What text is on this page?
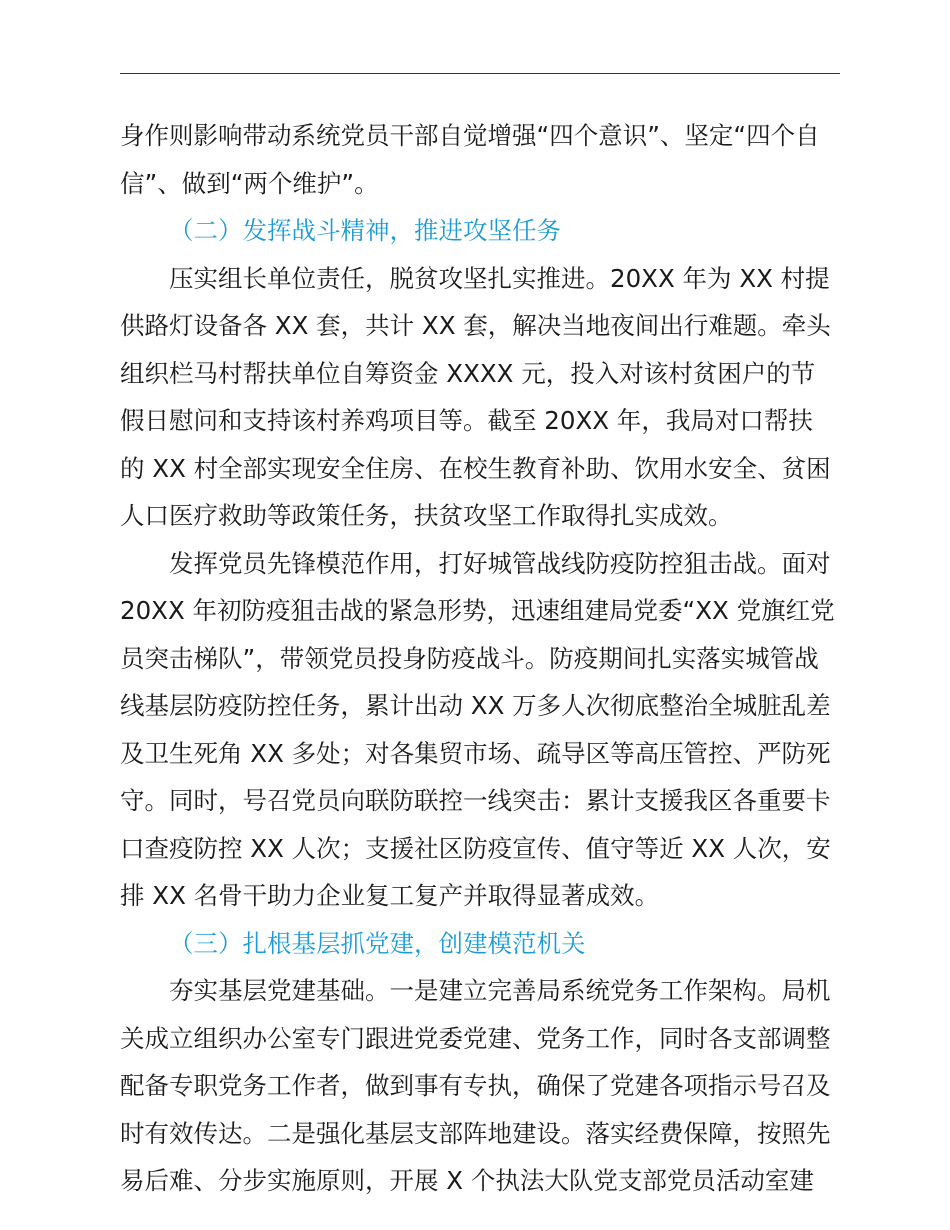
身作则影响带动系统党员干部自觉增强“四个意识”、坚定“四个自
信”、做到“两个维护”。
（二）发挥战斗精神，推进攻坚任务
压实组长单位责任，脱贫攻坚扎实推进。20XX 年为 XX 村提
供路灯设备各 XX 套，共计 XX 套，解决当地夜间出行难题。牵头
组织栏马村帮扶单位自筹资金 XXXX 元，投入对该村贫困户的节
假日慰问和支持该村养鸡项目等。截至 20XX 年，我局对口帮扶
的 XX 村全部实现安全住房、在校生教育补助、饮用水安全、贫困
人口医疗救助等政策任务，扶贫攻坚工作取得扎实成效。
发挥党员先锋模范作用，打好城管战线防疫防控狙击战。面对
20XX 年初防疫狙击战的紧急形势，迅速组建局党委“XX 党旗红党
员突击梯队”，带领党员投身防疫战斗。防疫期间扎实落实城管战
线基层防疫防控任务，累计出动 XX 万多人次彻底整治全城脏乱差
及卫生死角 XX 多处；对各集贸市场、疏导区等高压管控、严防死
守。同时，号召党员向联防联控一线突击：累计支援我区各重要卡
口查疫防控 XX 人次；支援社区防疫宣传、值守等近 XX 人次，安
排 XX 名骨干助力企业复工复产并取得显著成效。
（三）扎根基层抓党建，创建模范机关
夯实基层党建基础。一是建立完善局系统党务工作架构。局机
关成立组织办公室专门跟进党委党建、党务工作，同时各支部调整
配备专职党务工作者，做到事有专执，确保了党建各项指示号召及
时有效传达。二是强化基层支部阵地建设。落实经费保障，按照先
易后难、分步实施原则，开展 X 个执法大队党支部党员活动室建
